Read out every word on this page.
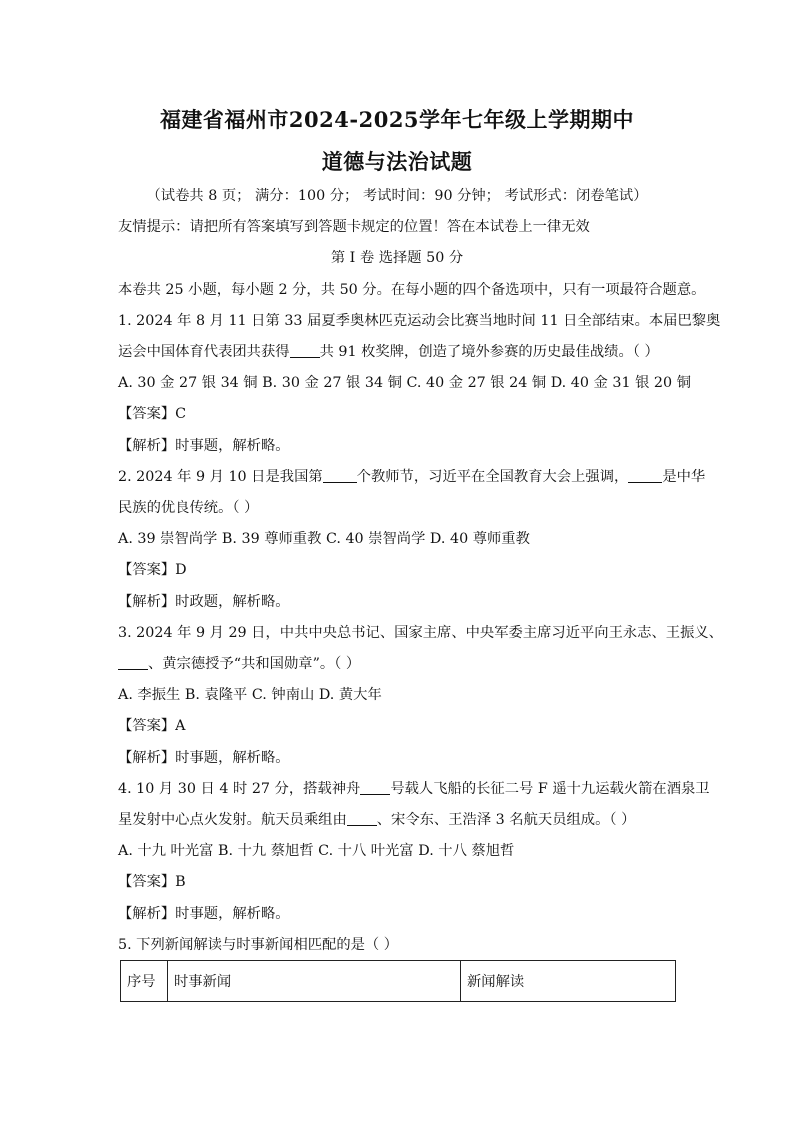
福建省福州市2024-2025学年七年级上学期期中
道德与法治试题
（试卷共 8 页； 满分：100 分； 考试时间：90 分钟； 考试形式：闭卷笔试）
友情提示：请把所有答案填写到答题卡规定的位置！答在本试卷上一律无效
第 I 卷 选择题 50 分
本卷共 25 小题，每小题 2 分，共 50 分。在每小题的四个备选项中，只有一项最符合题意。
1. 2024 年 8 月 11 日第 33 届夏季奥林匹克运动会比赛当地时间 11 日全部结束。本届巴黎奥
运会中国体育代表团共获得 共 91 枚奖牌，创造了境外参赛的历史最佳战绩。（ ）
A. 30 金 27 银 34 铜 B. 30 金 27 银 34 铜 C. 40 金 27 银 24 铜 D. 40 金 31 银 20 铜
【答案】C
【解析】时事题，解析略。
2. 2024 年 9 月 10 日是我国第 个教师节，习近平在全国教育大会上强调， 是中华
民族的优良传统。（ ）
A. 39 崇智尚学 B. 39 尊师重教 C. 40 崇智尚学 D. 40 尊师重教
【答案】D
【解析】时政题，解析略。
3. 2024 年 9 月 29 日，中共中央总书记、国家主席、中央军委主席习近平向王永志、王振义、
、黄宗德授予“共和国勋章”。（ ）
A. 李振生 B. 袁隆平 C. 钟南山 D. 黄大年
【答案】A
【解析】时事题，解析略。
4. 10 月 30 日 4 时 27 分，搭载神舟 号载人飞船的长征二号 F 遥十九运载火箭在酒泉卫
星发射中心点火发射。航天员乘组由 、宋令东、王浩泽 3 名航天员组成。（ ）
A. 十九 叶光富 B. 十九 蔡旭哲 C. 十八 叶光富 D. 十八 蔡旭哲
【答案】B
【解析】时事题，解析略。
5. 下列新闻解读与时事新闻相匹配的是（ ）
序号	时事新闻	新闻解读
